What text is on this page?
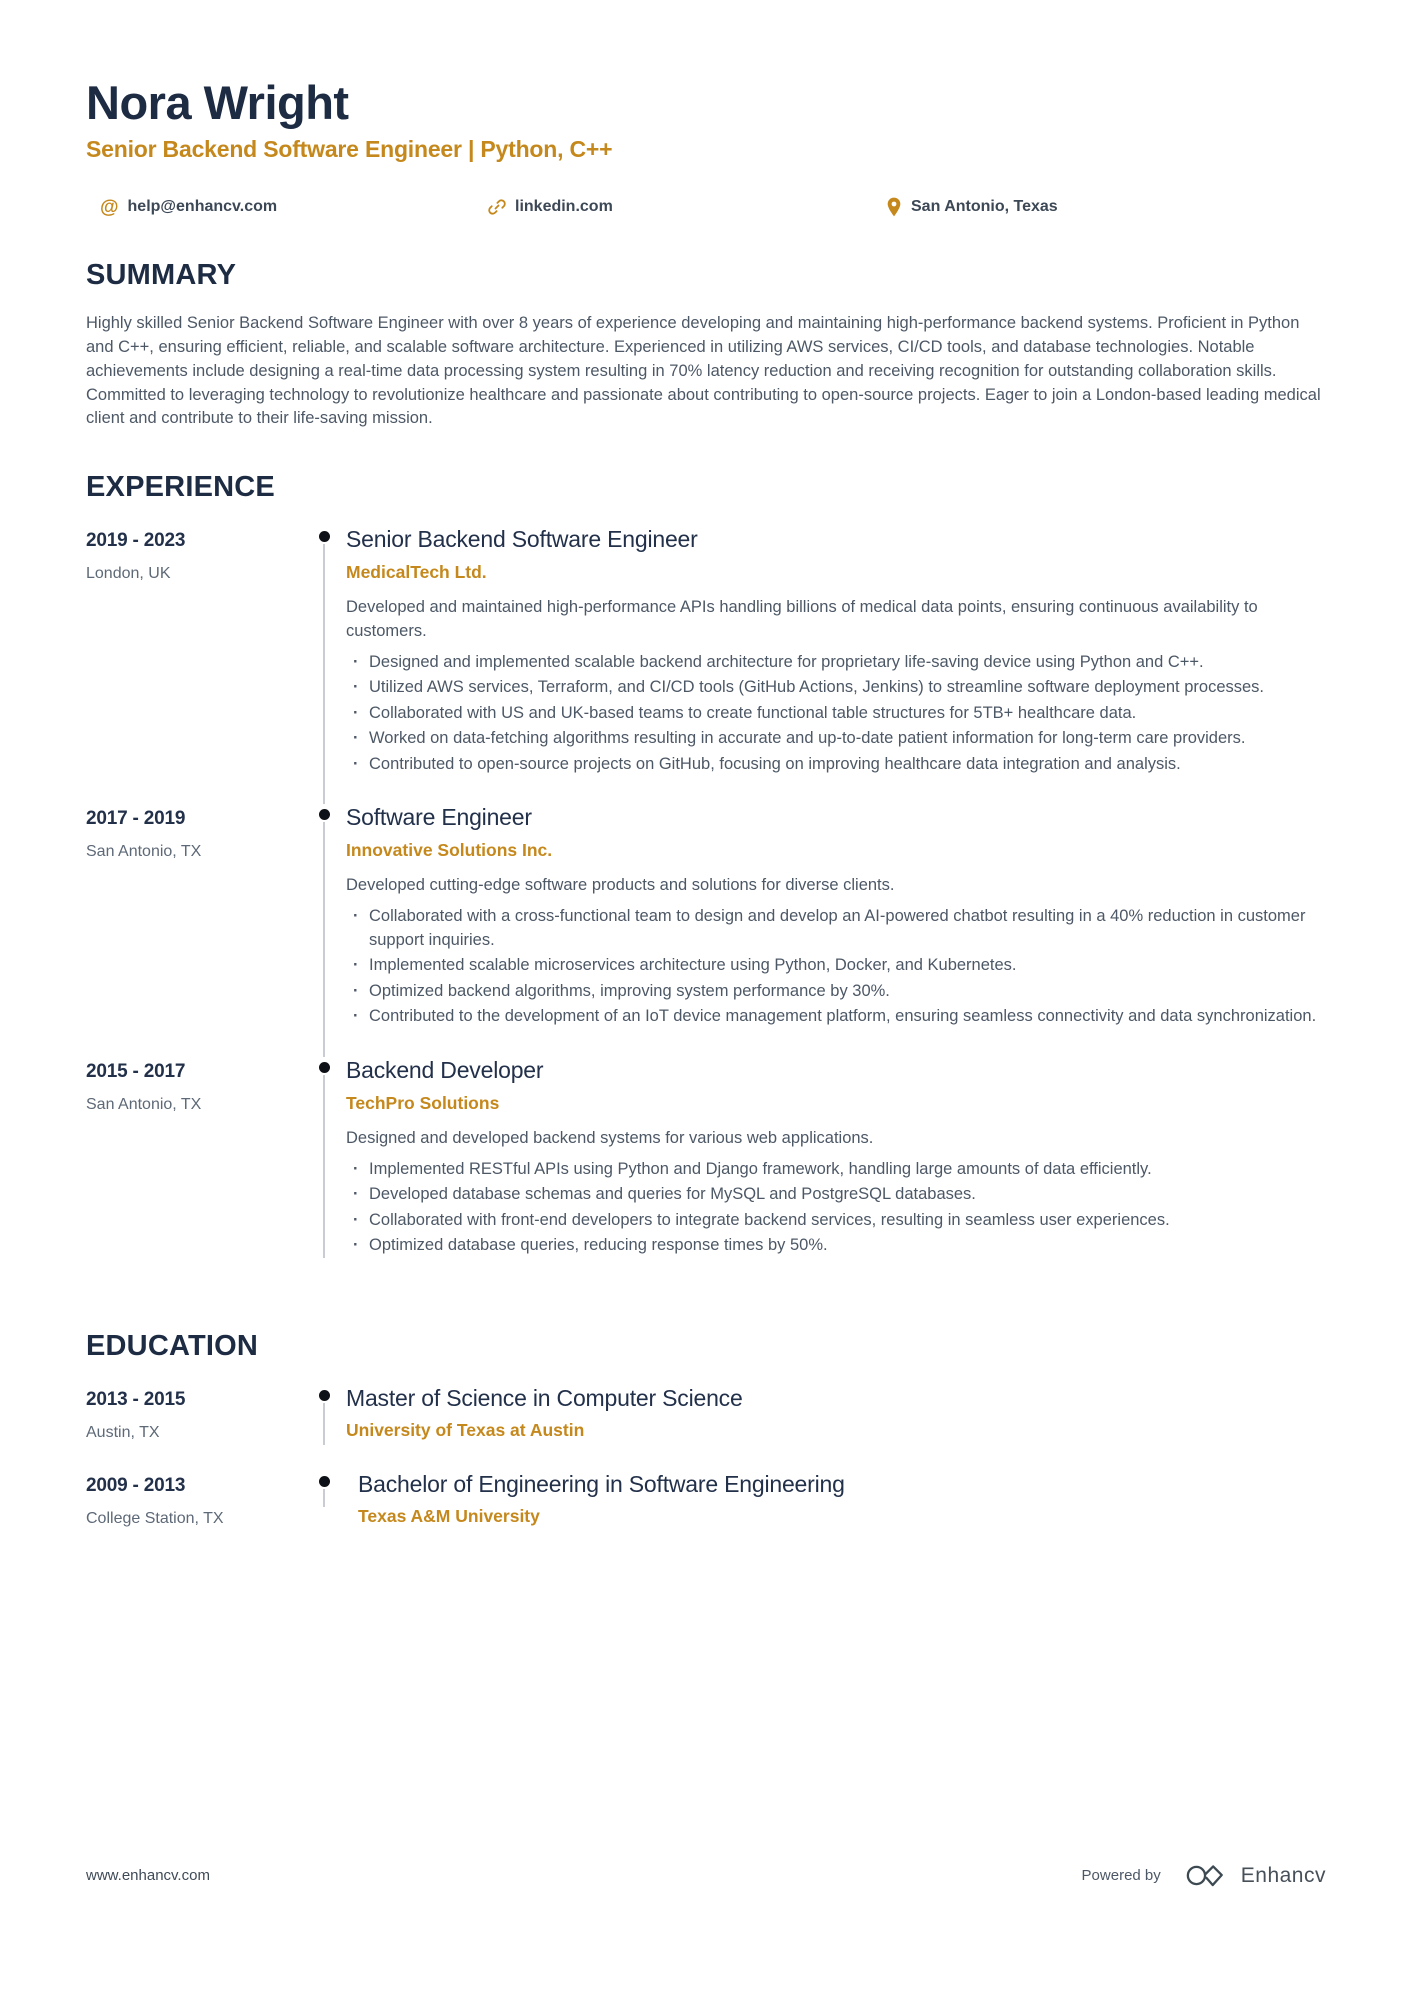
Nora Wright
Senior Backend Software Engineer | Python, C++
@ help@enhancv.com	linkedin.com	San Antonio, Texas
SUMMARY

Highly skilled Senior Backend Software Engineer with over 8 years of experience developing and maintaining high-performance backend systems. Proficient in Python and C++, ensuring efficient, reliable, and scalable software architecture. Experienced in utilizing AWS services, CI/CD tools, and database technologies. Notable achievements include designing a real-time data processing system resulting in 70% latency reduction and receiving recognition for outstanding collaboration skills. Committed to leveraging technology to revolutionize healthcare and passionate about contributing to open-source projects. Eager to join a London-based leading medical client and contribute to their life-saving mission.

EXPERIENCE
2019 - 2023
London, UK
Senior Backend Software Engineer
MedicalTech Ltd.
Developed and maintained high-performance APIs handling billions of medical data points, ensuring continuous availability to customers.
· Designed and implemented scalable backend architecture for proprietary life-saving device using Python and C++.
· Utilized AWS services, Terraform, and CI/CD tools (GitHub Actions, Jenkins) to streamline software deployment processes.
· Collaborated with US and UK-based teams to create functional table structures for 5TB+ healthcare data.
· Worked on data-fetching algorithms resulting in accurate and up-to-date patient information for long-term care providers.
· Contributed to open-source projects on GitHub, focusing on improving healthcare data integration and analysis.
2017 - 2019
San Antonio, TX
Software Engineer
Innovative Solutions Inc.
Developed cutting-edge software products and solutions for diverse clients.
· Collaborated with a cross-functional team to design and develop an AI-powered chatbot resulting in a 40% reduction in customer support inquiries.
· Implemented scalable microservices architecture using Python, Docker, and Kubernetes.
· Optimized backend algorithms, improving system performance by 30%.
· Contributed to the development of an IoT device management platform, ensuring seamless connectivity and data synchronization.
2015 - 2017
San Antonio, TX
Backend Developer
TechPro Solutions
Designed and developed backend systems for various web applications.
· Implemented RESTful APIs using Python and Django framework, handling large amounts of data efficiently.
· Developed database schemas and queries for MySQL and PostgreSQL databases.
· Collaborated with front-end developers to integrate backend services, resulting in seamless user experiences.
· Optimized database queries, reducing response times by 50%.
EDUCATION
2013 - 2015
Austin, TX
Master of Science in Computer Science
University of Texas at Austin
2009 - 2013
College Station, TX
Bachelor of Engineering in Software Engineering
Texas A&M University
www.enhancv.com	Powered by	Enhancv
